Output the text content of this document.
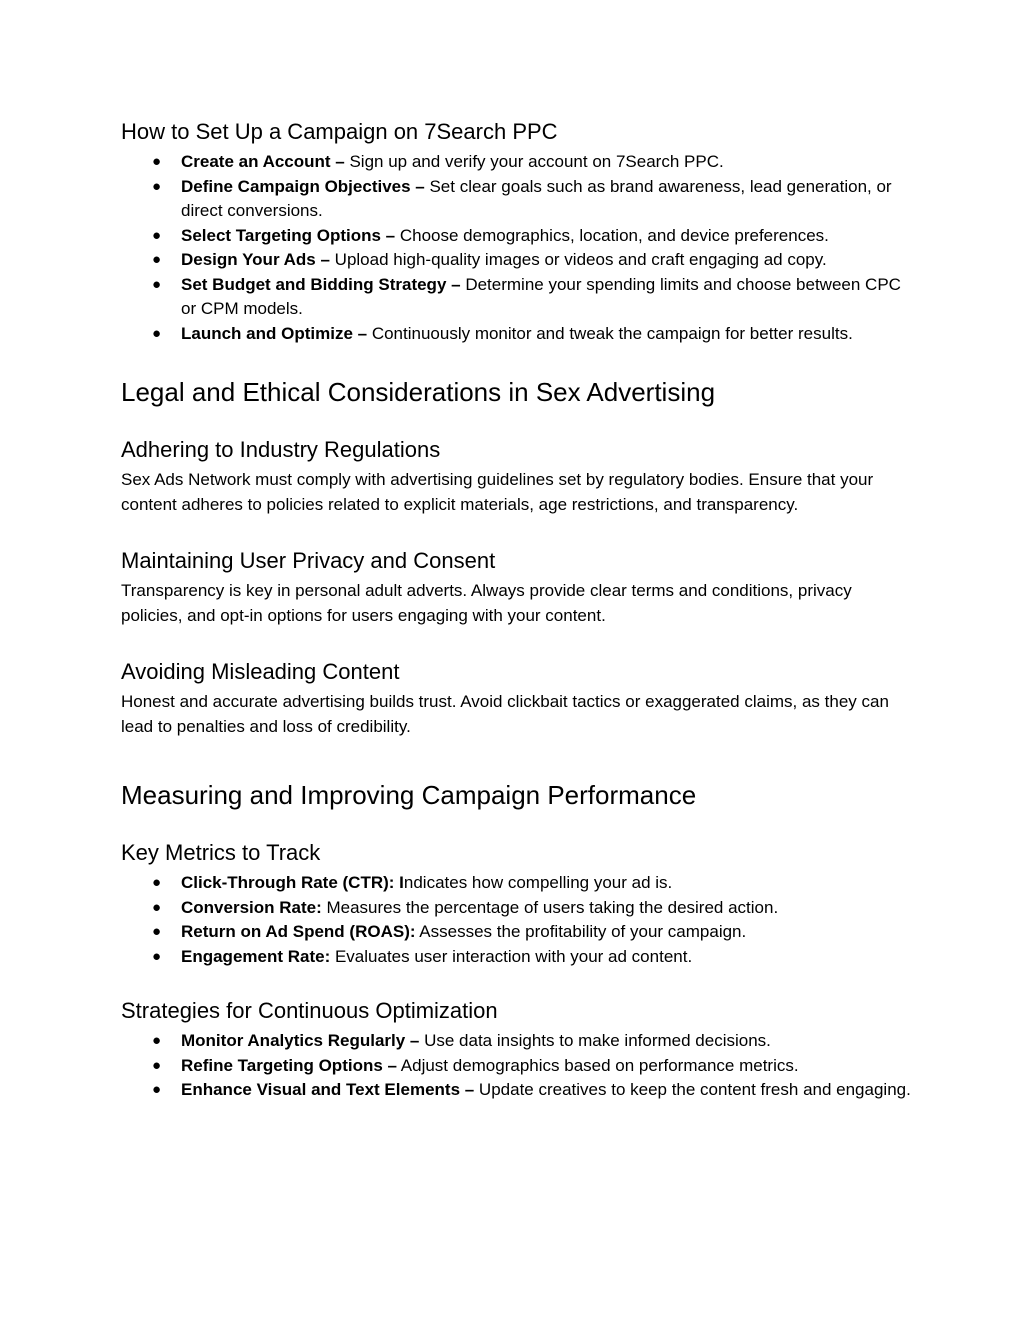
How to Set Up a Campaign on 7Search PPC
● Create an Account – Sign up and verify your account on 7Search PPC.
● Define Campaign Objectives – Set clear goals such as brand awareness, lead generation, or direct conversions.
● Select Targeting Options – Choose demographics, location, and device preferences.
● Design Your Ads – Upload high-quality images or videos and craft engaging ad copy.
● Set Budget and Bidding Strategy – Determine your spending limits and choose between CPC or CPM models.
● Launch and Optimize – Continuously monitor and tweak the campaign for better results.
Legal and Ethical Considerations in Sex Advertising
Adhering to Industry Regulations

Sex Ads Network must comply with advertising guidelines set by regulatory bodies. Ensure that your content adheres to policies related to explicit materials, age restrictions, and transparency.

Maintaining User Privacy and Consent

Transparency is key in personal adult adverts. Always provide clear terms and conditions, privacy policies, and opt-in options for users engaging with your content.

Avoiding Misleading Content

Honest and accurate advertising builds trust. Avoid clickbait tactics or exaggerated claims, as they can lead to penalties and loss of credibility.

Measuring and Improving Campaign Performance
Key Metrics to Track
● Click-Through Rate (CTR): Indicates how compelling your ad is.
● Conversion Rate: Measures the percentage of users taking the desired action.
● Return on Ad Spend (ROAS): Assesses the profitability of your campaign.
● Engagement Rate: Evaluates user interaction with your ad content.
Strategies for Continuous Optimization
● Monitor Analytics Regularly – Use data insights to make informed decisions.
● Refine Targeting Options – Adjust demographics based on performance metrics.
● Enhance Visual and Text Elements – Update creatives to keep the content fresh and engaging.
